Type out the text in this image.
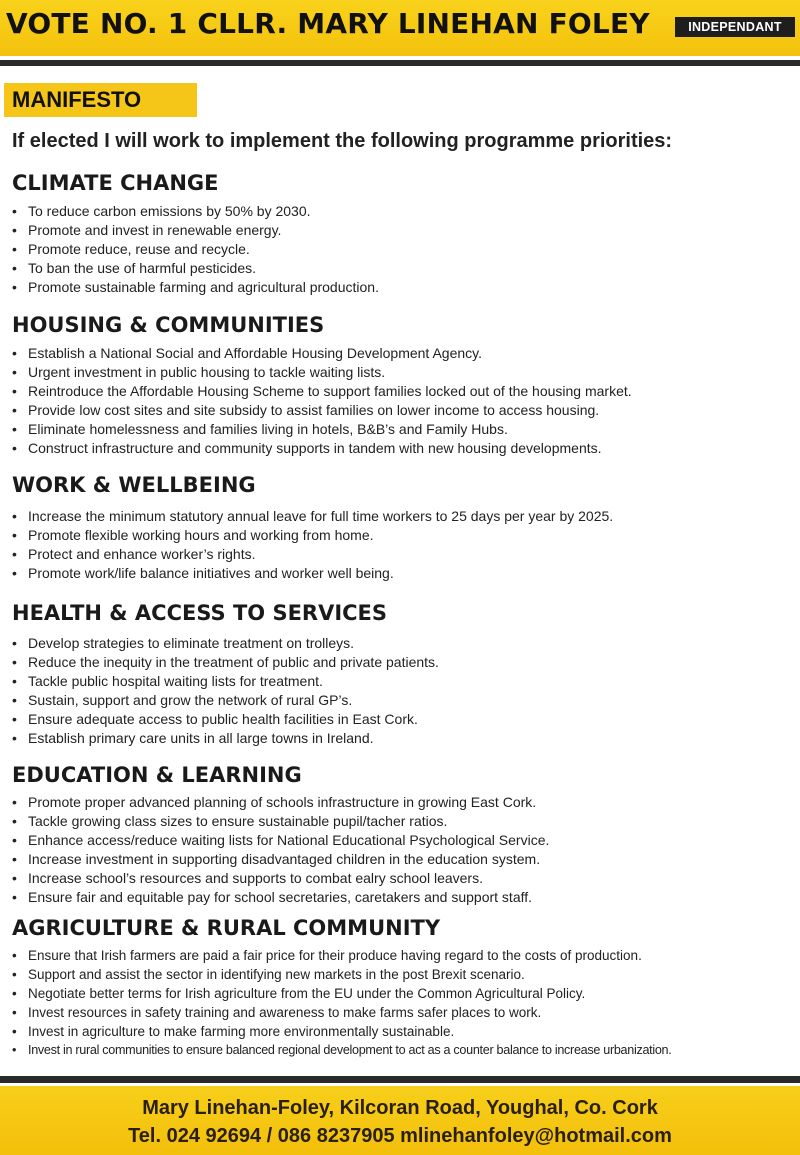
VOTE NO. 1 CLLR. MARY LINEHAN FOLEY	INDEPENDANT
MANIFESTO
If elected I will work to implement the following programme priorities:
CLIMATE CHANGE
• To reduce carbon emissions by 50% by 2030.
• Promote and invest in renewable energy.
• Promote reduce, reuse and recycle.
• To ban the use of harmful pesticides.
• Promote sustainable farming and agricultural production.
HOUSING & COMMUNITIES
• Establish a National Social and Affordable Housing Development Agency.
• Urgent investment in public housing to tackle waiting lists.
• Reintroduce the Affordable Housing Scheme to support families locked out of the housing market.
• Provide low cost sites and site subsidy to assist families on lower income to access housing.
• Eliminate homelessness and families living in hotels, B&B’s and Family Hubs.
• Construct infrastructure and community supports in tandem with new housing developments.
WORK & WELLBEING
• Increase the minimum statutory annual leave for full time workers to 25 days per year by 2025.
• Promote flexible working hours and working from home.
• Protect and enhance worker’s rights.
• Promote work/life balance initiatives and worker well being.
HEALTH & ACCESS TO SERVICES
• Develop strategies to eliminate treatment on trolleys.
• Reduce the inequity in the treatment of public and private patients.
• Tackle public hospital waiting lists for treatment.
• Sustain, support and grow the network of rural GP’s.
• Ensure adequate access to public health facilities in East Cork.
• Establish primary care units in all large towns in Ireland.
EDUCATION & LEARNING
• Promote proper advanced planning of schools infrastructure in growing East Cork.
• Tackle growing class sizes to ensure sustainable pupil/tacher ratios.
• Enhance access/reduce waiting lists for National Educational Psychological Service.
• Increase investment in supporting disadvantaged children in the education system.
• Increase school’s resources and supports to combat ealry school leavers.
• Ensure fair and equitable pay for school secretaries, caretakers and support staff.
AGRICULTURE & RURAL COMMUNITY
• Ensure that Irish farmers are paid a fair price for their produce having regard to the costs of production.
• Support and assist the sector in identifying new markets in the post Brexit scenario.
• Negotiate better terms for Irish agriculture from the EU under the Common Agricultural Policy.
• Invest resources in safety training and awareness to make farms safer places to work.
• Invest in agriculture to make farming more environmentally sustainable.
• Invest in rural communities to ensure balanced regional development to act as a counter balance to increase urbanization.
Mary Linehan-Foley, Kilcoran Road, Youghal, Co. Cork
Tel. 024 92694 / 086 8237905 mlinehanfoley@hotmail.com
